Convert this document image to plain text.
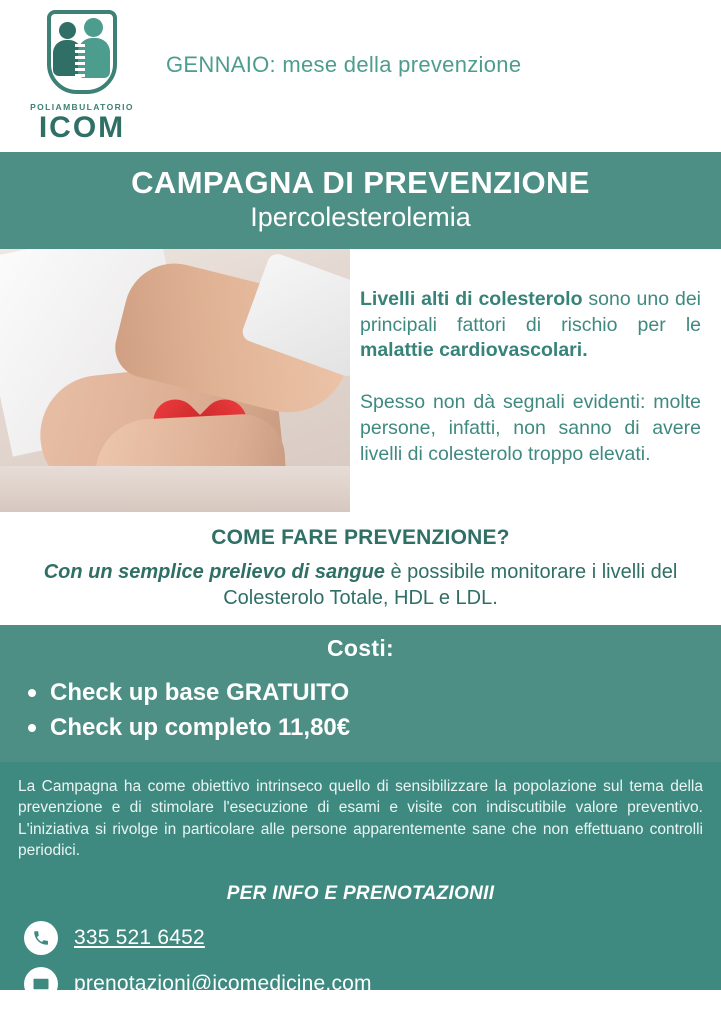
POLIAMBULATORIO
ICOM
GENNAIO: mese della prevenzione
CAMPAGNA DI PREVENZIONE
Ipercolesterolemia

Livelli alti di colesterolo sono uno dei principali fattori di rischio per le malattie cardiovascolari.

Spesso non dà segnali evidenti: molte persone, infatti, non sanno di avere livelli di colesterolo troppo elevati.

COME FARE PREVENZIONE?
Con un semplice prelievo di sangue è possibile monitorare i livelli del Colesterolo Totale, HDL e LDL.
Costi:
Check up base GRATUITO
Check up completo 11,80€
La Campagna ha come obiettivo intrinseco quello di sensibilizzare la popolazione sul tema della prevenzione e di stimolare l'esecuzione di esami e visite con indiscutibile valore preventivo. L'iniziativa si rivolge in particolare alle persone apparentemente sane che non effettuano controlli periodici.
PER INFO E PRENOTAZIONII
335 521 6452
prenotazioni@icomedicine.com
